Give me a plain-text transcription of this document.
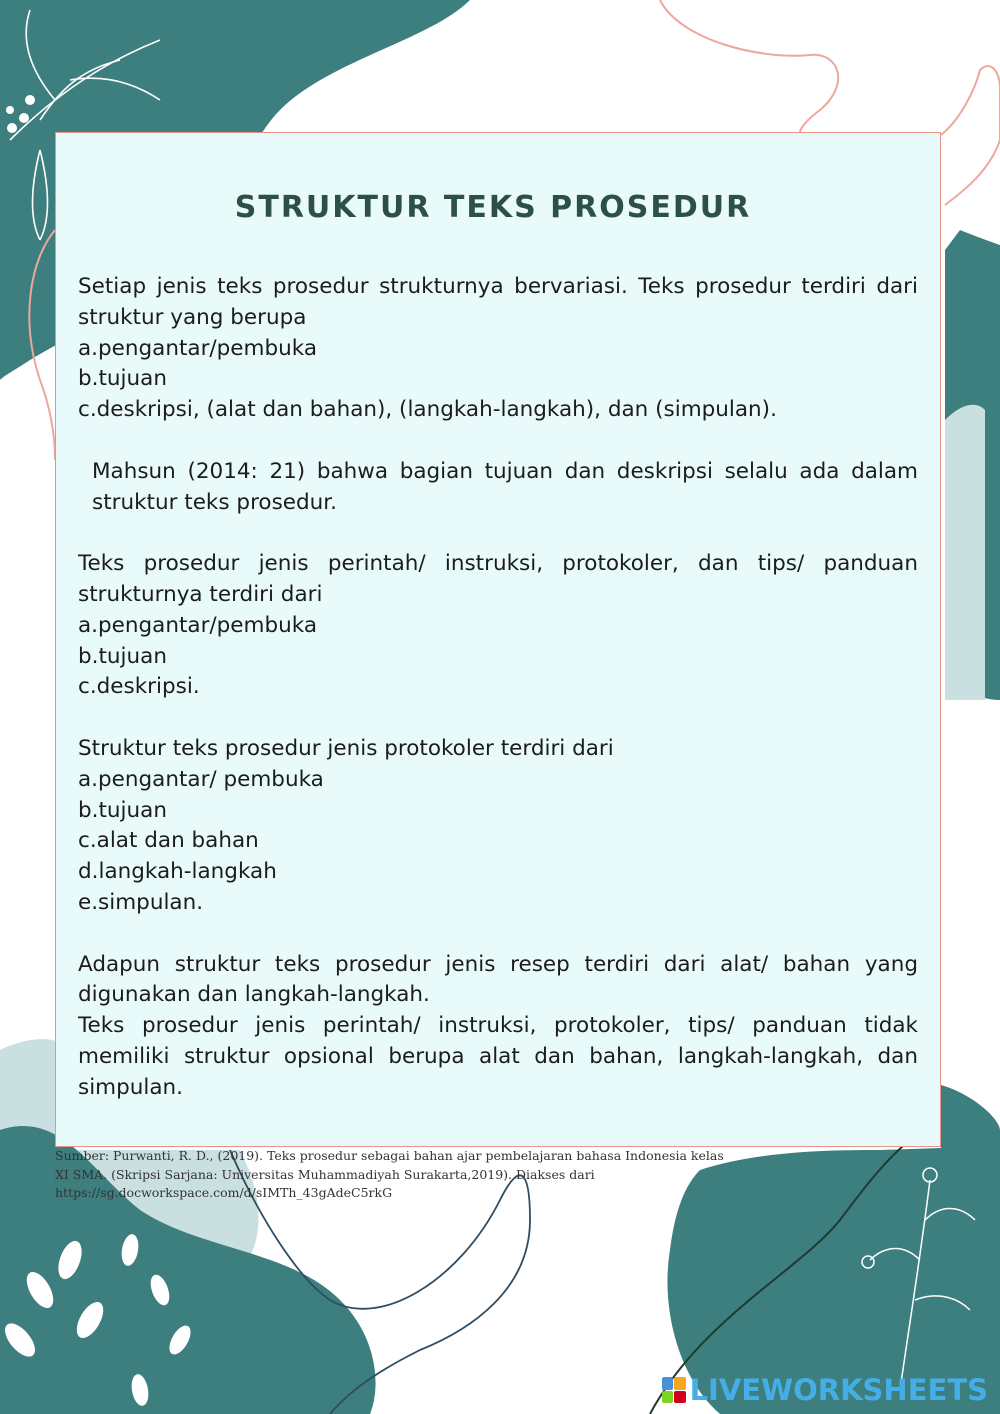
STRUKTUR TEKS PROSEDUR

Setiap jenis teks prosedur strukturnya bervariasi. Teks prosedur terdiri dari struktur yang berupa

a.pengantar/pembuka

b.tujuan

c.deskripsi, (alat dan bahan), (langkah-langkah), dan (simpulan).

Mahsun (2014: 21) bahwa bagian tujuan dan deskripsi selalu ada dalam struktur teks prosedur.

Teks prosedur jenis perintah/ instruksi, protokoler, dan tips/ panduan strukturnya terdiri dari

a.pengantar/pembuka

b.tujuan

c.deskripsi.

Struktur teks prosedur jenis protokoler terdiri dari

a.pengantar/ pembuka

b.tujuan

c.alat dan bahan

d.langkah-langkah

e.simpulan.

Adapun struktur teks prosedur jenis resep terdiri dari alat/ bahan yang digunakan dan langkah-langkah.

Teks prosedur jenis perintah/ instruksi, protokoler, tips/ panduan tidak memiliki struktur opsional berupa alat dan bahan, langkah-langkah, dan simpulan.

Sumber: Purwanti, R. D., (2019). Teks prosedur sebagai bahan ajar pembelajaran bahasa Indonesia kelas
XI SMA. (Skripsi Sarjana: Universitas Muhammadiyah Surakarta,2019). Diakses dari
https://sg.docworkspace.com/d/sIMTh_43gAdeC5rkG
LIVEWORKSHEETS
